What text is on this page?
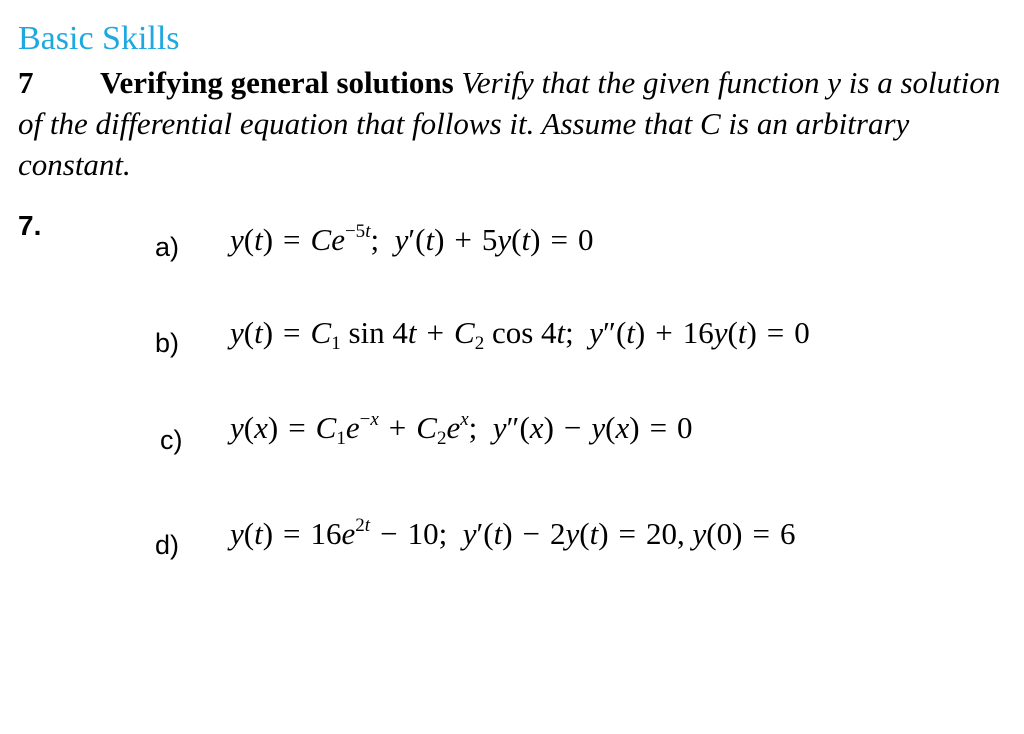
Basic Skills
7 Verifying general solutions Verify that the given function y is a solution of the differential equation that follows it. Assume that C is an arbitrary constant.
7.
a) $y(t) = Ce^{-5t}$;  y′(t) + 5y(t) = 0
b) $y(t) = C_1$ $\sin 4t + C_2$ cos 4t;  y″(t) + 16y(t) = 0
c) $y(x) = C_1e^{-x} + C_2e^x$;  y″(x) − y(x) = 0
d) $y(t) = 16e^{2t} - 10$;  y′(t) − 2y(t) = 20, y(0) = 6
